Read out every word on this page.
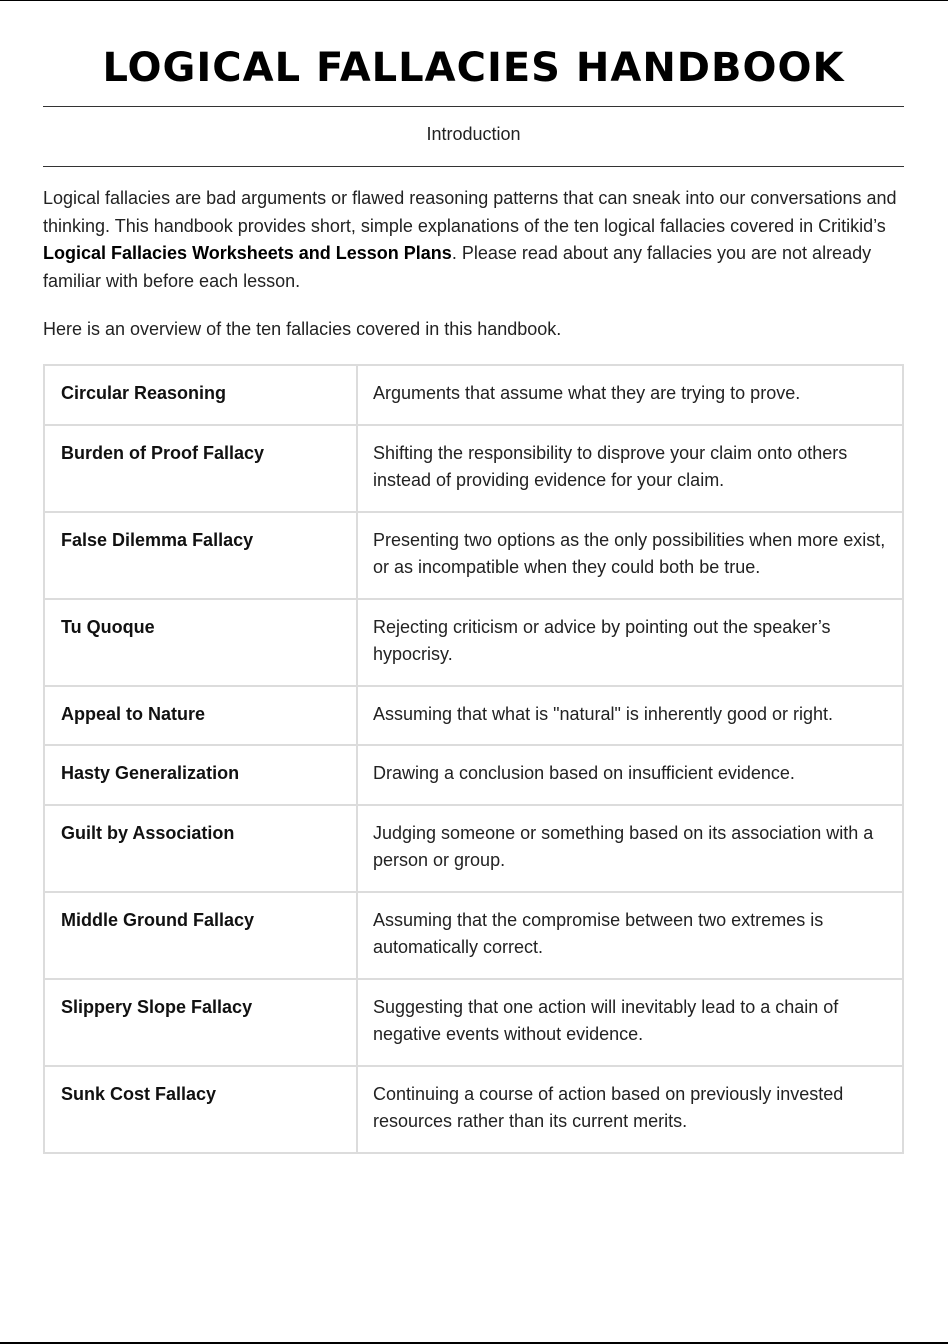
LOGICAL FALLACIES HANDBOOK
Introduction

Logical fallacies are bad arguments or flawed reasoning patterns that can sneak into our conversations and thinking. This handbook provides short, simple explanations of the ten logical fallacies covered in Critikid’s Logical Fallacies Worksheets and Lesson Plans. Please read about any fallacies you are not already familiar with before each lesson.

Here is an overview of the ten fallacies covered in this handbook.

Circular Reasoning	Arguments that assume what they are trying to prove.
Burden of Proof Fallacy	Shifting the responsibility to disprove your claim onto others instead of providing evidence for your claim.
False Dilemma Fallacy	Presenting two options as the only possibilities when more exist, or as incompatible when they could both be true.
Tu Quoque	Rejecting criticism or advice by pointing out the speaker’s hypocrisy.
Appeal to Nature	Assuming that what is "natural" is inherently good or right.
Hasty Generalization	Drawing a conclusion based on insufficient evidence.
Guilt by Association	Judging someone or something based on its association with a person or group.
Middle Ground Fallacy	Assuming that the compromise between two extremes is automatically correct.
Slippery Slope Fallacy	Suggesting that one action will inevitably lead to a chain of negative events without evidence.
Sunk Cost Fallacy	Continuing a course of action based on previously invested resources rather than its current merits.
